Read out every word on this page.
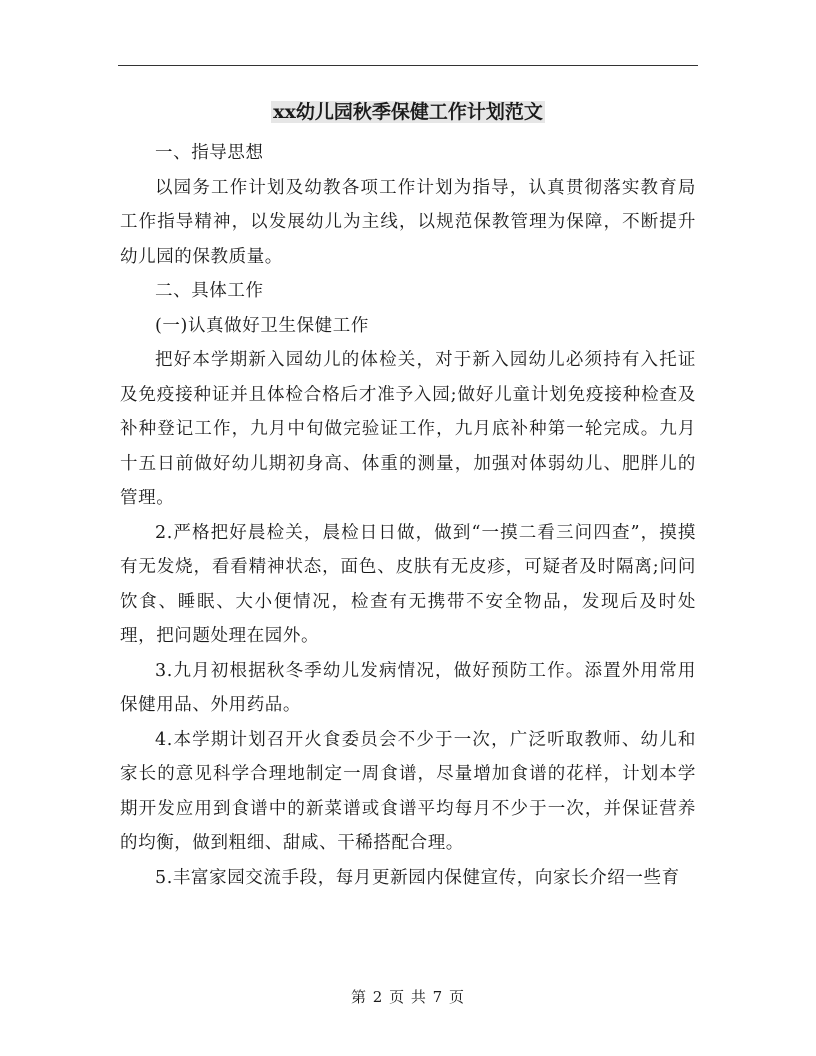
xx幼儿园秋季保健工作计划范文

一、指导思想

以园务工作计划及幼教各项工作计划为指导，认真贯彻落实教育局工作指导精神，以发展幼儿为主线，以规范保教管理为保障，不断提升幼儿园的保教质量。

二、具体工作

(一)认真做好卫生保健工作

把好本学期新入园幼儿的体检关，对于新入园幼儿必须持有入托证及免疫接种证并且体检合格后才准予入园;做好儿童计划免疫接种检查及补种登记工作，九月中旬做完验证工作，九月底补种第一轮完成。九月十五日前做好幼儿期初身高、体重的测量，加强对体弱幼儿、肥胖儿的管理。

2.严格把好晨检关，晨检日日做，做到“一摸二看三问四查”，摸摸有无发烧，看看精神状态，面色、皮肤有无皮疹，可疑者及时隔离;问问饮食、睡眠、大小便情况，检查有无携带不安全物品，发现后及时处理，把问题处理在园外。

3.九月初根据秋冬季幼儿发病情况，做好预防工作。添置外用常用保健用品、外用药品。

4.本学期计划召开火食委员会不少于一次，广泛听取教师、幼儿和家长的意见科学合理地制定一周食谱，尽量增加食谱的花样，计划本学期开发应用到食谱中的新菜谱或食谱平均每月不少于一次，并保证营养的均衡，做到粗细、甜咸、干稀搭配合理。

5.丰富家园交流手段，每月更新园内保健宣传，向家长介绍一些育

第 2 页 共 7 页
